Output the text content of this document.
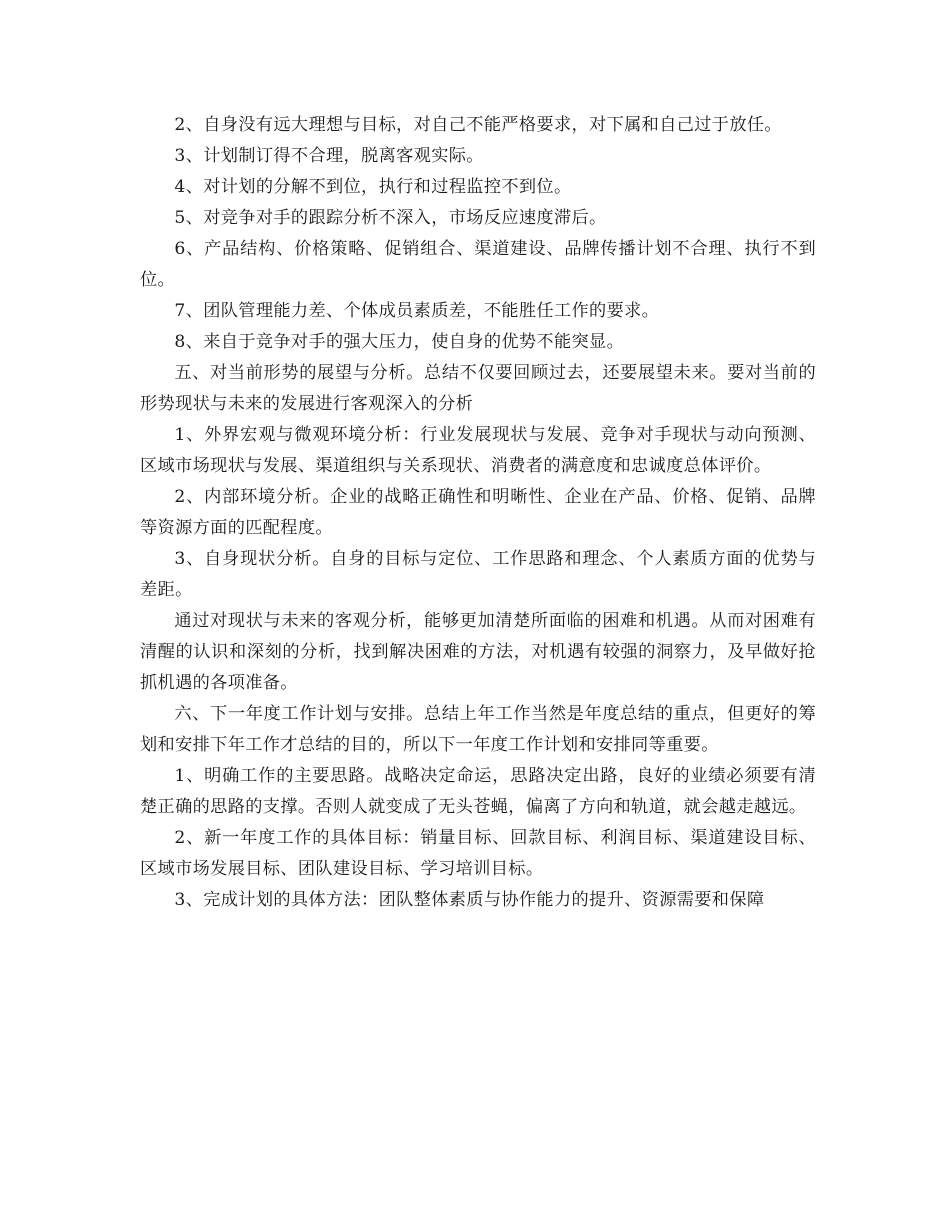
2、自身没有远大理想与目标，对自己不能严格要求，对下属和自己过于放任。

3、计划制订得不合理，脱离客观实际。

4、对计划的分解不到位，执行和过程监控不到位。

5、对竞争对手的跟踪分析不深入，市场反应速度滞后。

6、产品结构、价格策略、促销组合、渠道建设、品牌传播计划不合理、执行不到位。

7、团队管理能力差、个体成员素质差，不能胜任工作的要求。

8、来自于竞争对手的强大压力，使自身的优势不能突显。

五、对当前形势的展望与分析。总结不仅要回顾过去，还要展望未来。要对当前的形势现状与未来的发展进行客观深入的分析

1、外界宏观与微观环境分析：行业发展现状与发展、竞争对手现状与动向预测、区域市场现状与发展、渠道组织与关系现状、消费者的满意度和忠诚度总体评价。

2、内部环境分析。企业的战略正确性和明晰性、企业在产品、价格、促销、品牌等资源方面的匹配程度。

3、自身现状分析。自身的目标与定位、工作思路和理念、个人素质方面的优势与差距。

通过对现状与未来的客观分析，能够更加清楚所面临的困难和机遇。从而对困难有清醒的认识和深刻的分析，找到解决困难的方法，对机遇有较强的洞察力，及早做好抢抓机遇的各项准备。

六、下一年度工作计划与安排。总结上年工作当然是年度总结的重点，但更好的筹划和安排下年工作才总结的目的，所以下一年度工作计划和安排同等重要。

1、明确工作的主要思路。战略决定命运，思路决定出路，良好的业绩必须要有清楚正确的思路的支撑。否则人就变成了无头苍蝇，偏离了方向和轨道，就会越走越远。

2、新一年度工作的具体目标：销量目标、回款目标、利润目标、渠道建设目标、区域市场发展目标、团队建设目标、学习培训目标。

3、完成计划的具体方法：团队整体素质与协作能力的提升、资源需要和保障
